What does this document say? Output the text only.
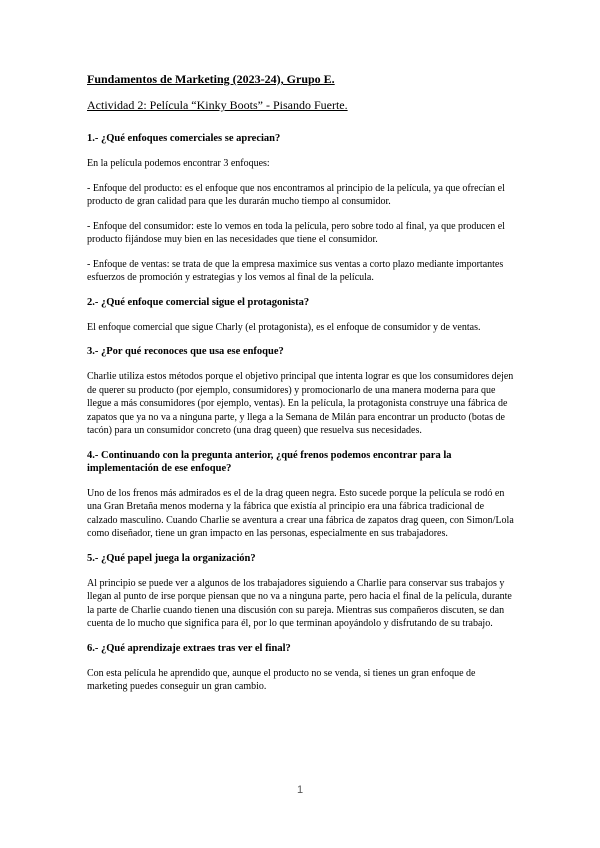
Fundamentos de Marketing (2023-24), Grupo E.
Actividad 2: Película “Kinky Boots” - Pisando Fuerte.
1.- ¿Qué enfoques comerciales se aprecian?
En la película podemos encontrar 3 enfoques:
- Enfoque del producto: es el enfoque que nos encontramos al principio de la película, ya que ofrecían el producto de gran calidad para que les durarán mucho tiempo al consumidor.
- Enfoque del consumidor: este lo vemos en toda la película, pero sobre todo al final, ya que producen el producto fijándose muy bien en las necesidades que tiene el consumidor.
- Enfoque de ventas: se trata de que la empresa maximice sus ventas a corto plazo mediante importantes esfuerzos de promoción y estrategias y los vemos al final de la película.
2.- ¿Qué enfoque comercial sigue el protagonista?
El enfoque comercial que sigue Charly (el protagonista), es el enfoque de consumidor y de ventas.
3.- ¿Por qué reconoces que usa ese enfoque?
Charlie utiliza estos métodos porque el objetivo principal que intenta lograr es que los consumidores dejen de querer su producto (por ejemplo, consumidores) y promocionarlo de una manera moderna para que llegue a más consumidores (por ejemplo, ventas). En la película, la protagonista construye una fábrica de zapatos que ya no va a ninguna parte, y llega a la Semana de Milán para encontrar un producto (botas de tacón) para un consumidor concreto (una drag queen) que resuelva sus necesidades.
4.- Continuando con la pregunta anterior, ¿qué frenos podemos encontrar para la implementación de ese enfoque?
Uno de los frenos más admirados es el de la drag queen negra. Esto sucede porque la película se rodó en una Gran Bretaña menos moderna y la fábrica que existía al principio era una fábrica tradicional de calzado masculino. Cuando Charlie se aventura a crear una fábrica de zapatos drag queen, con Simon/Lola como diseñador, tiene un gran impacto en las personas, especialmente en sus trabajadores.
5.- ¿Qué papel juega la organización?
Al principio se puede ver a algunos de los trabajadores siguiendo a Charlie para conservar sus trabajos y llegan al punto de irse porque piensan que no va a ninguna parte, pero hacia el final de la película, durante la parte de Charlie cuando tienen una discusión con su pareja. Mientras sus compañeros discuten, se dan cuenta de lo mucho que significa para él, por lo que terminan apoyándolo y disfrutando de su trabajo.
6.- ¿Qué aprendizaje extraes tras ver el final?
Con esta película he aprendido que, aunque el producto no se venda, si tienes un gran enfoque de marketing puedes conseguir un gran cambio.
1
